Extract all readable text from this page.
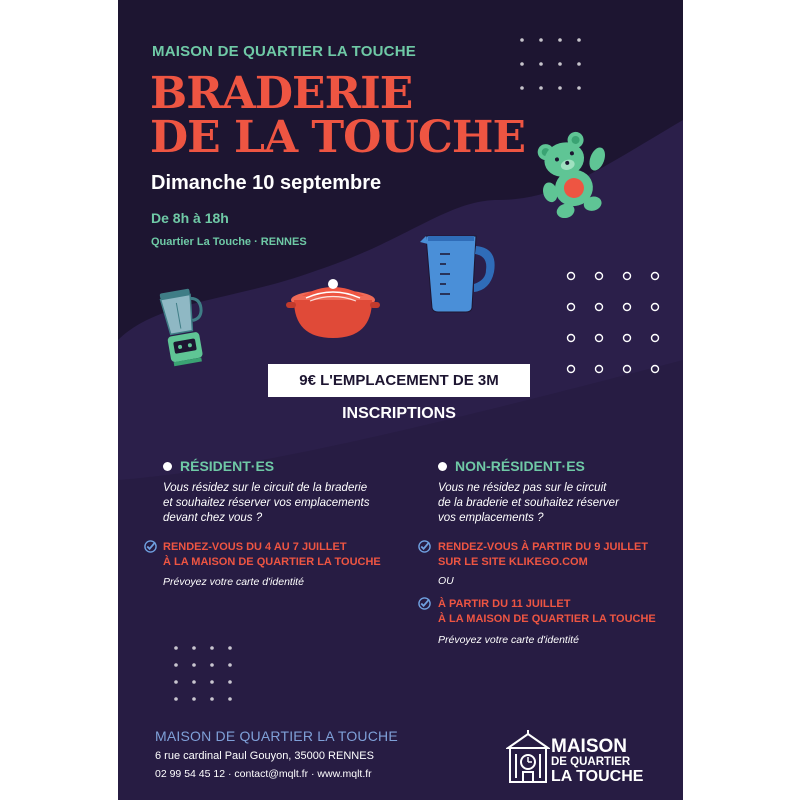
MAISON DE QUARTIER LA TOUCHE
BRADERIE
DE LA TOUCHE
Dimanche 10 septembre
De 8h à 18h
Quartier La Touche · RENNES
9€ L'EMPLACEMENT DE 3M
INSCRIPTIONS
RÉSIDENT·ES
Vous résidez sur le circuit de la braderie
et souhaitez réserver vos emplacements
devant chez vous ?
RENDEZ-VOUS DU 4 AU 7 JUILLET
À LA MAISON DE QUARTIER LA TOUCHE
Prévoyez votre carte d'identité
NON-RÉSIDENT·ES
Vous ne résidez pas sur le circuit
de la braderie et souhaitez réserver
vos emplacements ?
RENDEZ-VOUS À PARTIR DU 9 JUILLET
SUR LE SITE KLIKEGO.COM
OU
À PARTIR DU 11 JUILLET
À LA MAISON DE QUARTIER LA TOUCHE
Prévoyez votre carte d'identité
MAISON DE QUARTIER LA TOUCHE
6 rue cardinal Paul Gouyon, 35000 RENNES
02 99 54 45 12 · contact@mqlt.fr · www.mqlt.fr
MAISON
DE QUARTIER
LA TOUCHE
